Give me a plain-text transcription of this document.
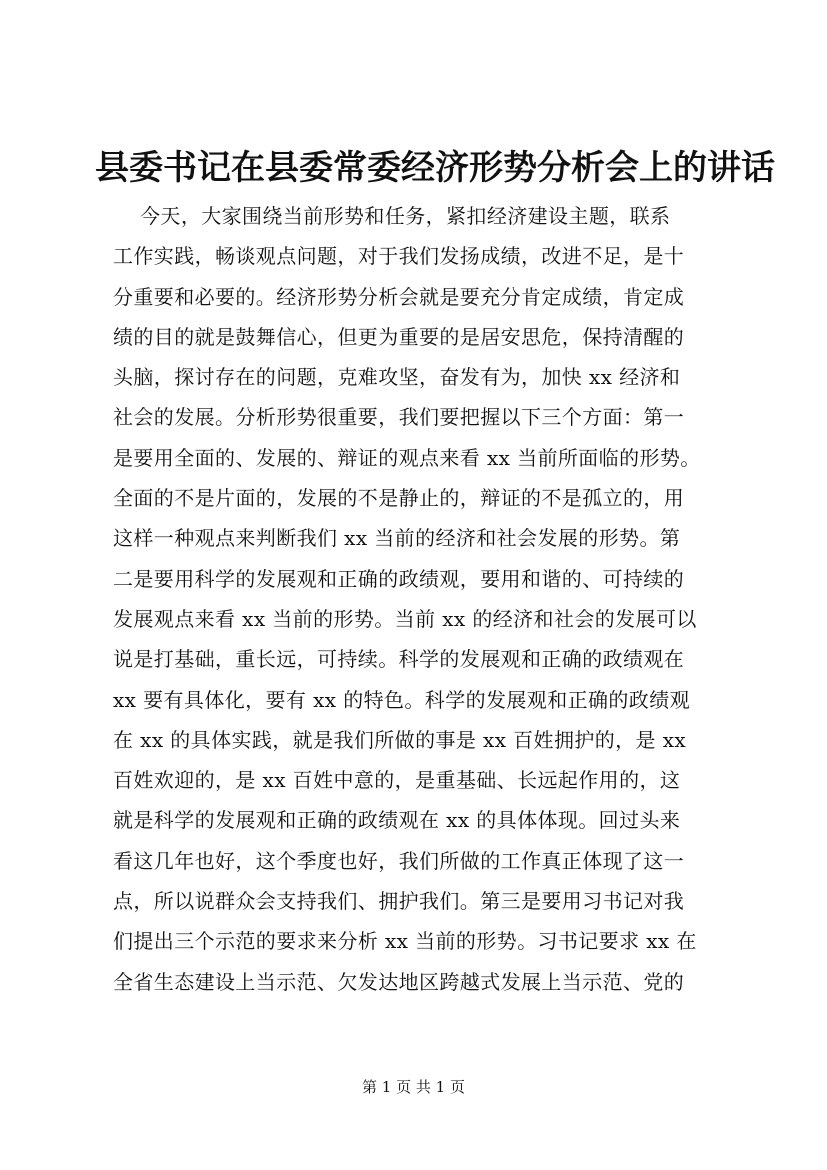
县委书记在县委常委经济形势分析会上的讲话
今天，大家围绕当前形势和任务，紧扣经济建设主题，联系
工作实践，畅谈观点问题，对于我们发扬成绩，改进不足，是十
分重要和必要的。经济形势分析会就是要充分肯定成绩，肯定成
绩的目的就是鼓舞信心，但更为重要的是居安思危，保持清醒的
头脑，探讨存在的问题，克难攻坚，奋发有为，加快 xx 经济和
社会的发展。分析形势很重要，我们要把握以下三个方面：第一
是要用全面的、发展的、辩证的观点来看 xx 当前所面临的形势。
全面的不是片面的，发展的不是静止的，辩证的不是孤立的，用
这样一种观点来判断我们 xx 当前的经济和社会发展的形势。第
二是要用科学的发展观和正确的政绩观，要用和谐的、可持续的
发展观点来看 xx 当前的形势。当前 xx 的经济和社会的发展可以
说是打基础，重长远，可持续。科学的发展观和正确的政绩观在
xx 要有具体化，要有 xx 的特色。科学的发展观和正确的政绩观
在 xx 的具体实践，就是我们所做的事是 xx 百姓拥护的，是 xx
百姓欢迎的，是 xx 百姓中意的，是重基础、长远起作用的，这
就是科学的发展观和正确的政绩观在 xx 的具体体现。回过头来
看这几年也好，这个季度也好，我们所做的工作真正体现了这一
点，所以说群众会支持我们、拥护我们。第三是要用习书记对我
们提出三个示范的要求来分析 xx 当前的形势。习书记要求 xx 在
全省生态建设上当示范、欠发达地区跨越式发展上当示范、党的
第 1 页 共 1 页
